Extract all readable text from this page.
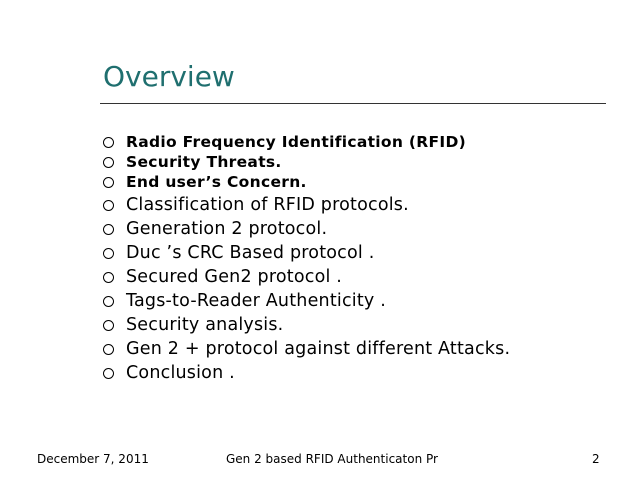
Overview
Radio Frequency Identification (RFID)
Security Threats.
End user’s Concern.
Classification of RFID protocols.
Generation 2 protocol.
Duc ’s CRC Based protocol .
Secured Gen2 protocol .
Tags-to-Reader Authenticity .
Security analysis.
Gen 2 + protocol against different Attacks.
Conclusion .
December 7, 2011	Gen 2 based RFID Authenticaton Pr	2
